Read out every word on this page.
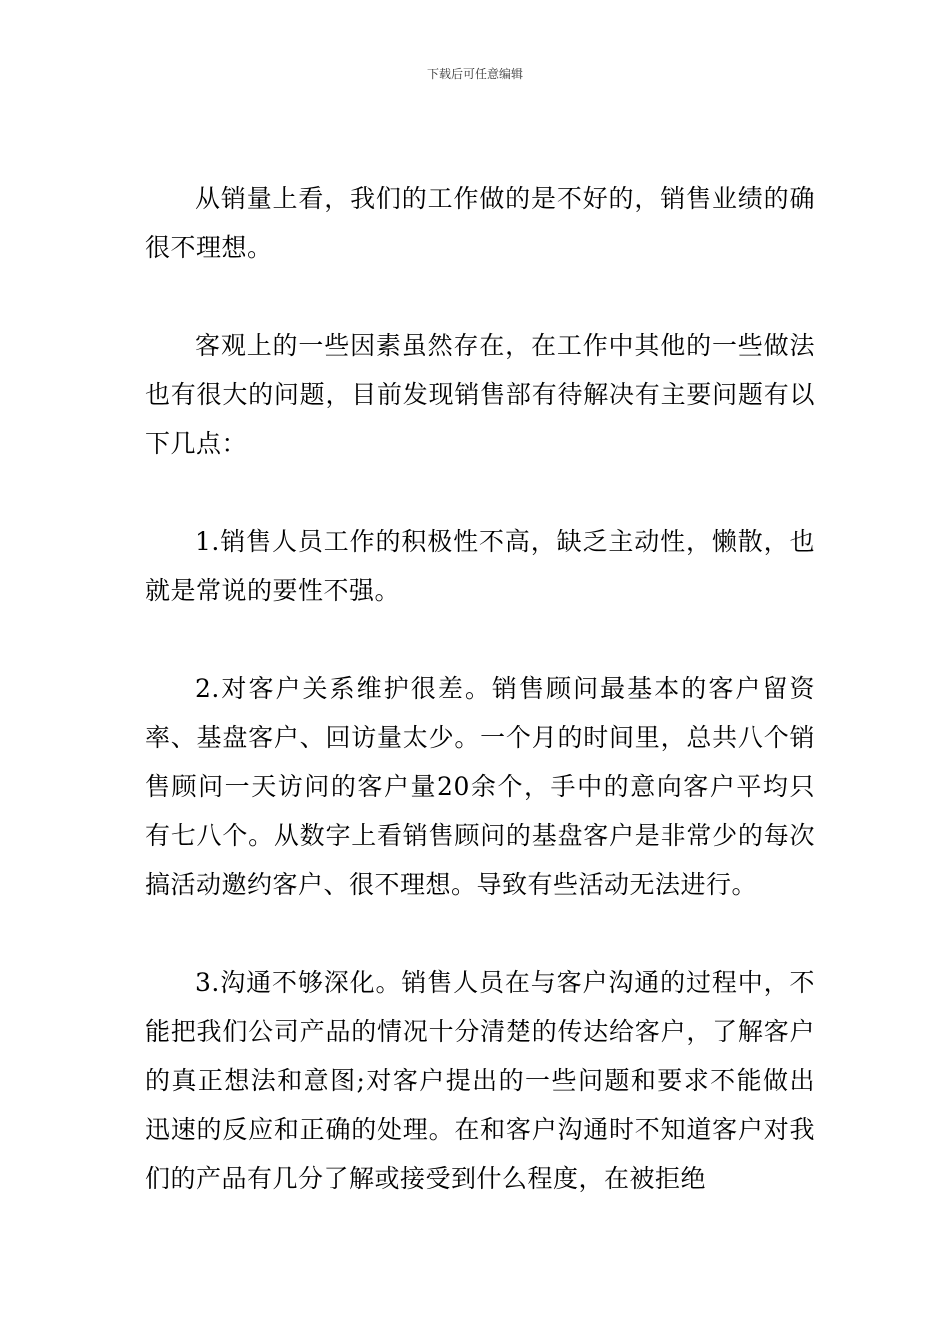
下载后可任意编辑

从销量上看，我们的工作做的是不好的，销售业绩的确很不理想。

客观上的一些因素虽然存在，在工作中其他的一些做法也有很大的问题，目前发现销售部有待解决有主要问题有以下几点：

1.销售人员工作的积极性不高，缺乏主动性，懒散，也就是常说的要性不强。

2.对客户关系维护很差。销售顾问最基本的客户留资率、基盘客户、回访量太少。一个月的时间里，总共八个销售顾问一天访问的客户量20余个，手中的意向客户平均只有七八个。从数字上看销售顾问的基盘客户是非常少的每次搞活动邀约客户、很不理想。导致有些活动无法进行。

3.沟通不够深化。销售人员在与客户沟通的过程中，不能把我们公司产品的情况十分清楚的传达给客户，了解客户的真正想法和意图;对客户提出的一些问题和要求不能做出迅速的反应和正确的处理。在和客户沟通时不知道客户对我们的产品有几分了解或接受到什么程度，在被拒绝
